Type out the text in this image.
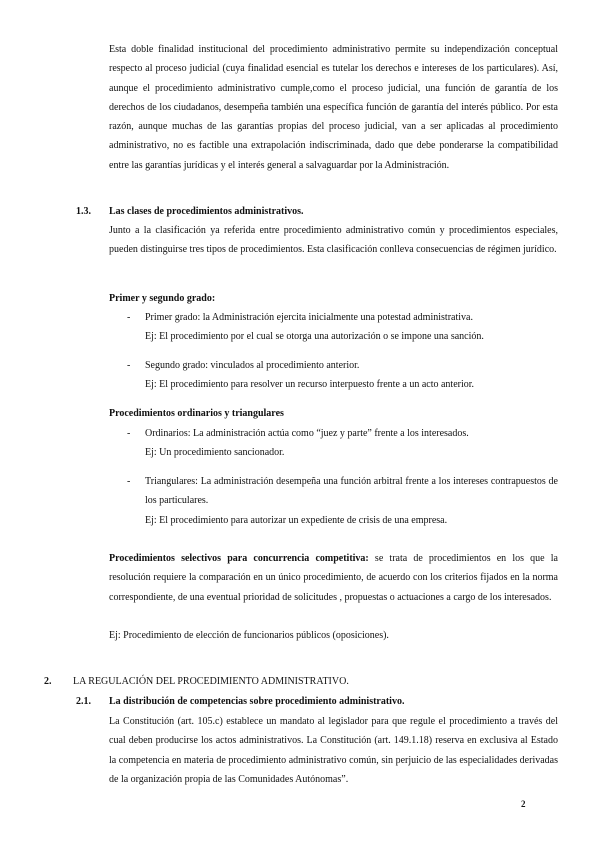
Esta doble finalidad institucional del procedimiento administrativo permite su independización conceptual respecto al proceso judicial (cuya finalidad esencial es tutelar los derechos e intereses de los particulares). Así, aunque el procedimiento administrativo cumple,como el proceso judicial, una función de garantía de los derechos de los ciudadanos, desempeña también una específica función de garantía del interés público. Por esta razón, aunque muchas de las garantías propias del proceso judicial, van a ser aplicadas al procedimiento administrativo, no es factible una extrapolación indiscriminada, dado que debe ponderarse la compatibilidad entre las garantías jurídicas y el interés general a salvaguardar por la Administración.

1.3. Las clases de procedimientos administrativos.

Junto a la clasificación ya referida entre procedimiento administrativo común y procedimientos especiales, pueden distinguirse tres tipos de procedimientos. Esta clasificación conlleva consecuencias de régimen jurídico.

Primer y segundo grado:
- Primer grado: la Administración ejercita inicialmente una potestad administrativa.
Ej: El procedimiento por el cual se otorga una autorización o se impone una sanción.
- Segundo grado: vinculados al procedimiento anterior.
Ej: El procedimiento para resolver un recurso interpuesto frente a un acto anterior.
Procedimientos ordinarios y triangulares
- Ordinarios: La administración actúa como “juez y parte” frente a los interesados.
Ej: Un procedimiento sancionador.
- Triangulares: La administración desempeña una función arbitral frente a los intereses contrapuestos de los particulares.

Ej: El procedimiento para autorizar un expediente de crisis de una empresa.

Procedimientos selectivos para concurrencia competitiva: se trata de procedimientos en los que la resolución requiere la comparación en un único procedimiento, de acuerdo con los criterios fijados en la norma correspondiente, de una eventual prioridad de solicitudes , propuestas o actuaciones a cargo de los interesados.

Ej: Procedimiento de elección de funcionarios públicos (oposiciones).
2. LA REGULACIÓN DEL PROCEDIMIENTO ADMINISTRATIVO.
2.1. La distribución de competencias sobre procedimiento administrativo.

La Constitución (art. 105.c) establece un mandato al legislador para que regule el procedimiento a través del cual deben producirse los actos administrativos. La Constitución (art. 149.1.18) reserva en exclusiva al Estado la competencia en materia de procedimiento administrativo común, sin perjuicio de las especialidades derivadas de la organización propia de las Comunidades Autónomas”.

2
